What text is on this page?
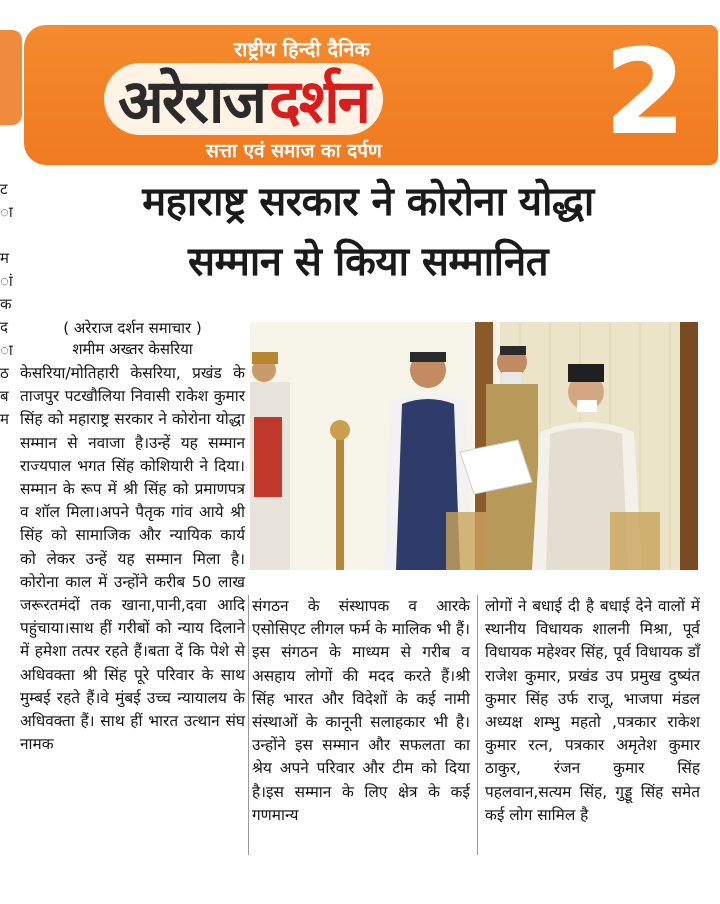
ट
ा

म
ां
क
द
ा
ठ
ब
म
राष्ट्रीय हिन्दी दैनिक
अरेराज दर्शन
सत्ता एवं समाज का दर्पण 2
महाराष्ट्र सरकार ने कोरोना योद्धा
सम्मान से किया सम्मानित
( अरेराज दर्शन समाचार )
शमीम अख्तर केसरिया
केसरिया/मोतिहारी केसरिया, प्रखंड के ताजपुर पटखौलिया निवासी राकेश कुमार सिंह को महाराष्ट्र सरकार ने कोरोना योद्धा सम्मान से नवाजा है।उन्हें यह सम्मान राज्यपाल भगत सिंह कोशियारी ने दिया।सम्मान के रूप में श्री सिंह को प्रमाणपत्र व शॉल मिला।अपने पैतृक गांव आये श्री सिंह को सामाजिक और न्यायिक कार्य को लेकर उन्हें यह सम्मान मिला है।कोरोना काल में उन्होंने करीब 50 लाख जरूरतमंदों तक खाना,पानी,दवा आदि पहुंचाया।साथ हीं गरीबों को न्याय दिलाने में हमेशा तत्पर रहते हैं।बता दें कि पेशे से अधिवक्ता श्री सिंह पूरे परिवार के साथ मुम्बई रहते हैं।वे मुंबई उच्च न्यायालय के अधिवक्ता हैं। साथ हीं भारत उत्थान संघ नामक
संगठन के संस्थापक व आरके एसोसिएट लीगल फर्म के मालिक भी हैं।इस संगठन के माध्यम से गरीब व असहाय लोगों की मदद करते हैं।श्री सिंह भारत और विदेशों के कई नामी संस्थाओं के कानूनी सलाहकार भी है।उन्होंने इस सम्मान और सफलता का श्रेय अपने परिवार और टीम को दिया है।इस सम्मान के लिए क्षेत्र के कई गणमान्य
लोगों ने बधाई दी है बधाई देने वालों में स्थानीय विधायक शालनी मिश्रा, पूर्व विधायक महेश्वर सिंह, पूर्व विधायक डॉं राजेश कुमार, प्रखंड उप प्रमुख दुष्यंत कुमार सिंह उर्फ राजू, भाजपा मंडल अध्यक्ष शम्भु महतो ,पत्रकार राकेश कुमार रत्न, पत्रकार अमृतेश कुमार ठाकुर, रंजन कुमार सिंह पहलवान,सत्यम सिंह, गुड्डू सिंह समेत कई लोग सामिल है
